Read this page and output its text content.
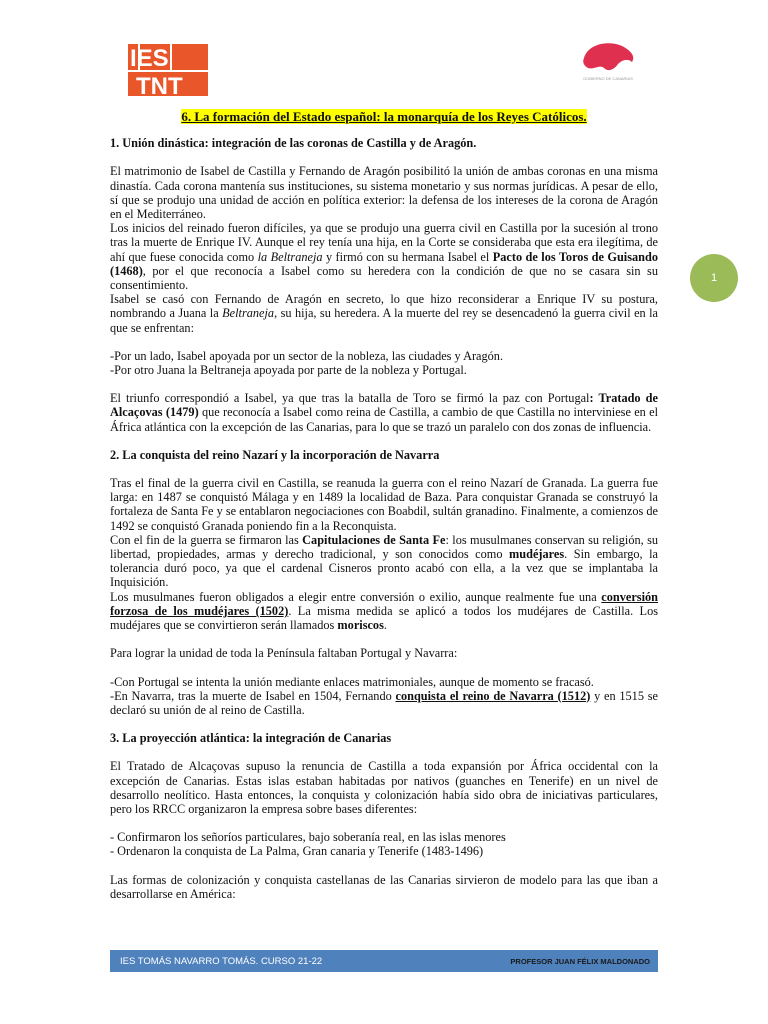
IES
TNT	GOBIERNO DE CANARIAS
1
6. La formación del Estado español: la monarquía de los Reyes Católicos.
1. Unión dinástica: integración de las coronas de Castilla y de Aragón.

El matrimonio de Isabel de Castilla y Fernando de Aragón posibilitó la unión de ambas coronas en una misma dinastía. Cada corona mantenía sus instituciones, su sistema monetario y sus normas jurídicas. A pesar de ello, sí que se produjo una unidad de acción en política exterior: la defensa de los intereses de la corona de Aragón en el Mediterráneo.

Los inicios del reinado fueron difíciles, ya que se produjo una guerra civil en Castilla por la sucesión al trono tras la muerte de Enrique IV. Aunque el rey tenía una hija, en la Corte se consideraba que esta era ilegítima, de ahí que fuese conocida como la Beltraneja y firmó con su hermana Isabel el Pacto de los Toros de Guisando (1468), por el que reconocía a Isabel como su heredera con la condición de que no se casara sin su consentimiento.

Isabel se casó con Fernando de Aragón en secreto, lo que hizo reconsiderar a Enrique IV su postura, nombrando a Juana la Beltraneja, su hija, su heredera. A la muerte del rey se desencadenó la guerra civil en la que se enfrentan:

-Por un lado, Isabel apoyada por un sector de la nobleza, las ciudades y Aragón.

-Por otro Juana la Beltraneja apoyada por parte de la nobleza y Portugal.

El triunfo correspondió a Isabel, ya que tras la batalla de Toro se firmó la paz con Portugal: Tratado de Alcaçovas (1479) que reconocía a Isabel como reina de Castilla, a cambio de que Castilla no interviniese en el África atlántica con la excepción de las Canarias, para lo que se trazó un paralelo con dos zonas de influencia.

2. La conquista del reino Nazarí y la incorporación de Navarra

Tras el final de la guerra civil en Castilla, se reanuda la guerra con el reino Nazarí de Granada. La guerra fue larga: en 1487 se conquistó Málaga y en 1489 la localidad de Baza. Para conquistar Granada se construyó la fortaleza de Santa Fe y se entablaron negociaciones con Boabdil, sultán granadino. Finalmente, a comienzos de 1492 se conquistó Granada poniendo fin a la Reconquista.

Con el fin de la guerra se firmaron las Capitulaciones de Santa Fe: los musulmanes conservan su religión, su libertad, propiedades, armas y derecho tradicional, y son conocidos como mudéjares. Sin embargo, la tolerancia duró poco, ya que el cardenal Cisneros pronto acabó con ella, a la vez que se implantaba la Inquisición.

Los musulmanes fueron obligados a elegir entre conversión o exilio, aunque realmente fue una conversión forzosa de los mudéjares (1502). La misma medida se aplicó a todos los mudéjares de Castilla. Los mudéjares que se convirtieron serán llamados moriscos.

Para lograr la unidad de toda la Península faltaban Portugal y Navarra:

-Con Portugal se intenta la unión mediante enlaces matrimoniales, aunque de momento se fracasó.

-En Navarra, tras la muerte de Isabel en 1504, Fernando conquista el reino de Navarra (1512) y en 1515 se declaró su unión de al reino de Castilla.

3. La proyección atlántica: la integración de Canarias

El Tratado de Alcaçovas supuso la renuncia de Castilla a toda expansión por África occidental con la excepción de Canarias. Estas islas estaban habitadas por nativos (guanches en Tenerife) en un nivel de desarrollo neolítico. Hasta entonces, la conquista y colonización había sido obra de iniciativas particulares, pero los RRCC organizaron la empresa sobre bases diferentes:

- Confirmaron los señoríos particulares, bajo soberanía real, en las islas menores

- Ordenaron la conquista de La Palma, Gran canaria y Tenerife (1483-1496)

Las formas de colonización y conquista castellanas de las Canarias sirvieron de modelo para las que iban a desarrollarse en América:

IES TOMÁS NAVARRO TOMÁS. CURSO 21-22	PROFESOR JUAN FÉLIX MALDONADO
